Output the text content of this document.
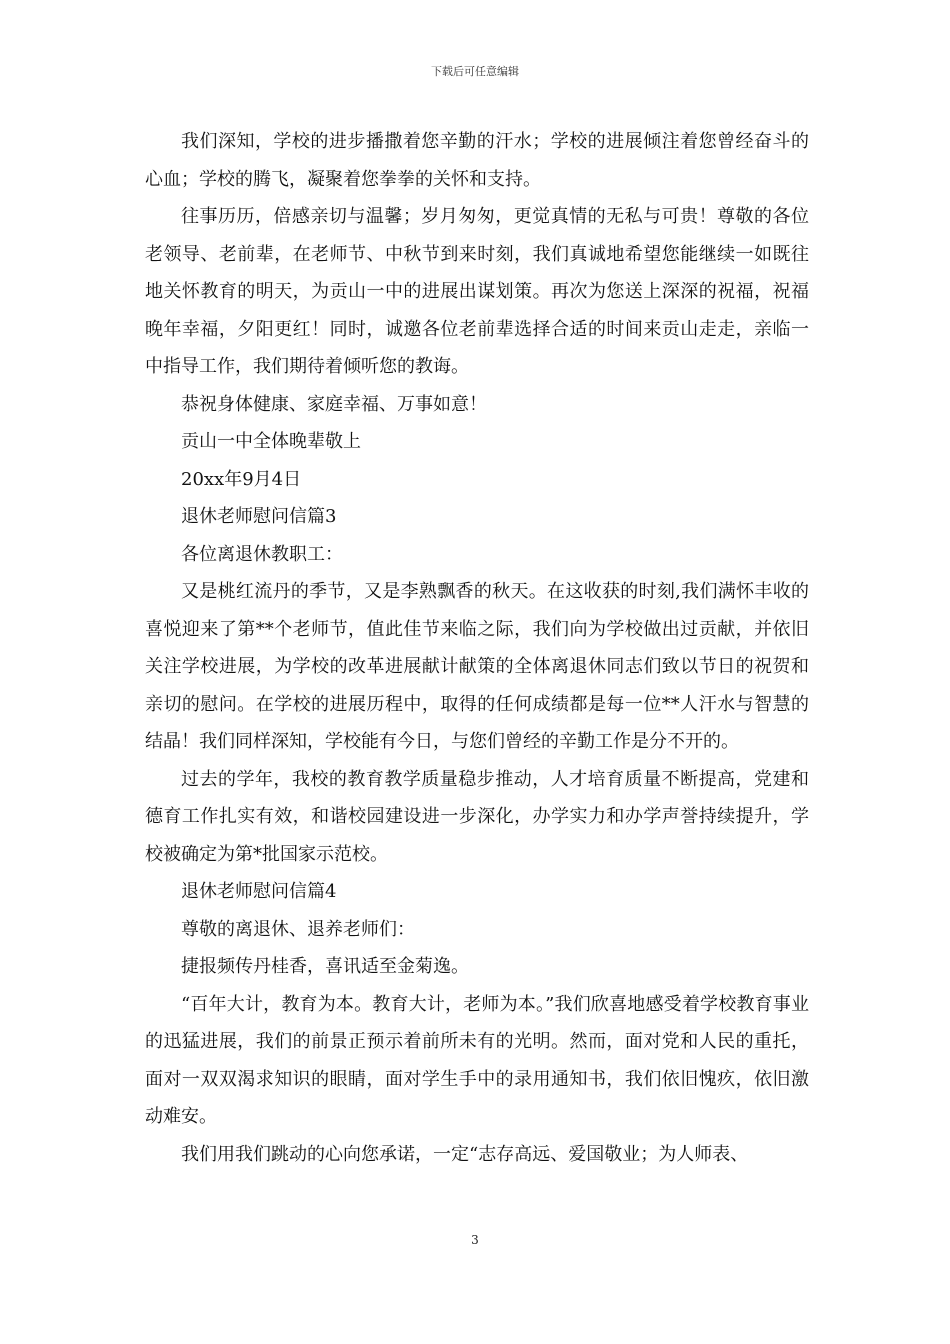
下载后可任意编辑

我们深知，学校的进步播撒着您辛勤的汗水；学校的进展倾注着您曾经奋斗的心血；学校的腾飞，凝聚着您拳拳的关怀和支持。

往事历历，倍感亲切与温馨；岁月匆匆，更觉真情的无私与可贵！尊敬的各位老领导、老前辈，在老师节、中秋节到来时刻，我们真诚地希望您能继续一如既往地关怀教育的明天，为贡山一中的进展出谋划策。再次为您送上深深的祝福，祝福晚年幸福，夕阳更红！同时，诚邀各位老前辈选择合适的时间来贡山走走，亲临一中指导工作，我们期待着倾听您的教诲。

恭祝身体健康、家庭幸福、万事如意！

贡山一中全体晚辈敬上

20xx年9月4日

退休老师慰问信篇3

各位离退休教职工：

又是桃红流丹的季节，又是李熟飘香的秋天。在这收获的时刻,我们满怀丰收的喜悦迎来了第**个老师节，值此佳节来临之际，我们向为学校做出过贡献，并依旧关注学校进展，为学校的改革进展献计献策的全体离退休同志们致以节日的祝贺和亲切的慰问。在学校的进展历程中，取得的任何成绩都是每一位**人汗水与智慧的结晶！我们同样深知，学校能有今日，与您们曾经的辛勤工作是分不开的。

过去的学年，我校的教育教学质量稳步推动，人才培育质量不断提高，党建和德育工作扎实有效，和谐校园建设进一步深化，办学实力和办学声誉持续提升，学校被确定为第*批国家示范校。

退休老师慰问信篇4

尊敬的离退休、退养老师们：

捷报频传丹桂香，喜讯适至金菊逸。

“百年大计，教育为本。教育大计，老师为本。”我们欣喜地感受着学校教育事业的迅猛进展，我们的前景正预示着前所未有的光明。然而，面对党和人民的重托，面对一双双渴求知识的眼睛，面对学生手中的录用通知书，我们依旧愧疚，依旧激动难安。

我们用我们跳动的心向您承诺，一定“志存高远、爱国敬业；为人师表、

3
